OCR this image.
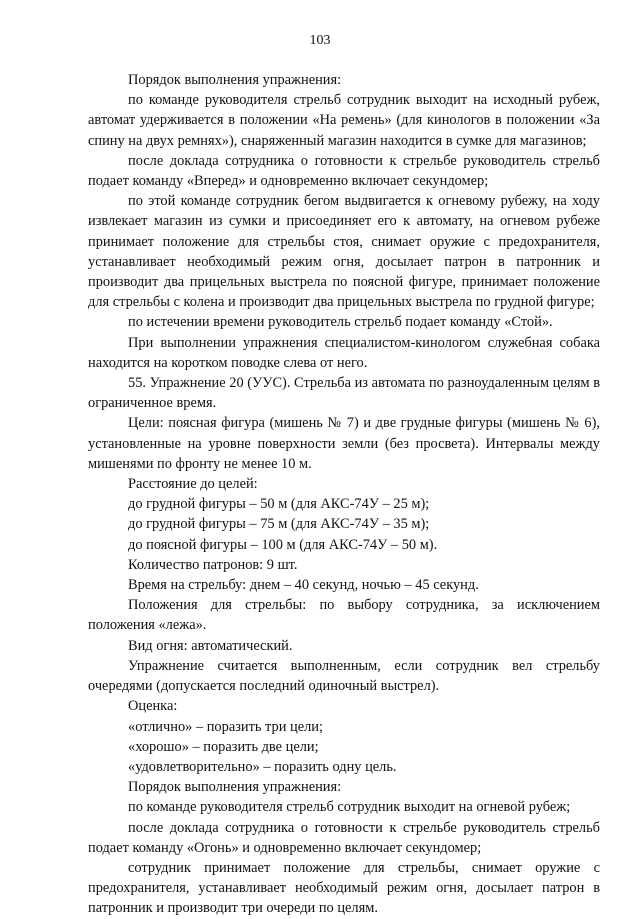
103

Порядок выполнения упражнения:

по команде руководителя стрельб сотрудник выходит на исходный рубеж, автомат удерживается в положении «На ремень» (для кинологов в положении «За спину на двух ремнях»), снаряженный магазин находится в сумке для магазинов;

после доклада сотрудника о готовности к стрельбе руководитель стрельб подает команду «Вперед» и одновременно включает секундомер;

по этой команде сотрудник бегом выдвигается к огневому рубежу, на ходу извлекает магазин из сумки и присоединяет его к автомату, на огневом рубеже принимает положение для стрельбы стоя, снимает оружие с предохранителя, устанавливает необходимый режим огня, досылает патрон в патронник и производит два прицельных выстрела по поясной фигуре, принимает положение для стрельбы с колена и производит два прицельных выстрела по грудной фигуре;

по истечении времени руководитель стрельб подает команду «Стой».

При выполнении упражнения специалистом-кинологом служебная собака находится на коротком поводке слева от него.

55. Упражнение 20 (УУС). Стрельба из автомата по разноудаленным целям в ограниченное время.

Цели: поясная фигура (мишень № 7) и две грудные фигуры (мишень № 6), установленные на уровне поверхности земли (без просвета). Интервалы между мишенями по фронту не менее 10 м.

Расстояние до целей:

до грудной фигуры – 50 м (для АКС-74У – 25 м);

до грудной фигуры – 75 м (для АКС-74У – 35 м);

до поясной фигуры – 100 м (для АКС-74У – 50 м).

Количество патронов: 9 шт.

Время на стрельбу: днем – 40 секунд, ночью – 45 секунд.

Положения для стрельбы: по выбору сотрудника, за исключением положения «лежа».

Вид огня: автоматический.

Упражнение считается выполненным, если сотрудник вел стрельбу очередями (допускается последний одиночный выстрел).

Оценка:

«отлично» – поразить три цели;

«хорошо» – поразить две цели;

«удовлетворительно» – поразить одну цель.

Порядок выполнения упражнения:

по команде руководителя стрельб сотрудник выходит на огневой рубеж;

после доклада сотрудника о готовности к стрельбе руководитель стрельб подает команду «Огонь» и одновременно включает секундомер;

сотрудник принимает положение для стрельбы, снимает оружие с предохранителя, устанавливает необходимый режим огня, досылает патрон в патронник и производит три очереди по целям.
